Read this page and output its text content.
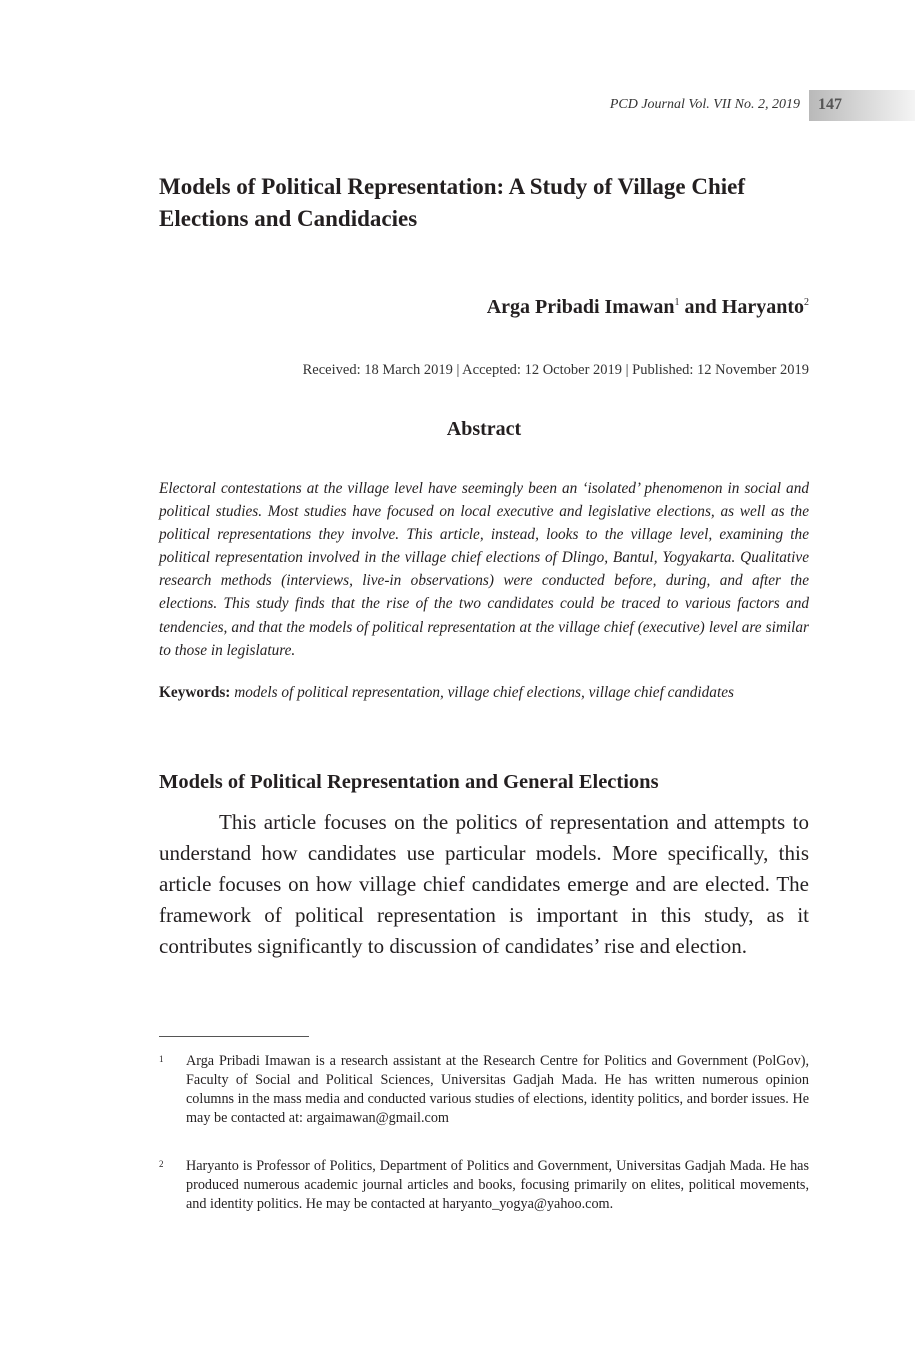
PCD Journal Vol. VII No. 2, 2019 147
Models of Political Representation: A Study of Village Chief Elections and Candidacies
Arga Pribadi Imawan$^1$ and Haryanto$^2$
Received: 18 March 2019 | Accepted: 12 October 2019 | Published: 12 November 2019
Abstract

Electoral contestations at the village level have seemingly been an ‘isolated’ phenomenon in social and political studies. Most studies have focused on local executive and legislative elections, as well as the political representations they involve. This article, instead, looks to the village level, examining the political representation involved in the village chief elections of Dlingo, Bantul, Yogyakarta. Qualitative research methods (interviews, live-in observations) were conducted before, during, and after the elections. This study finds that the rise of the two candidates could be traced to various factors and tendencies, and that the models of political representation at the village chief (executive) level are similar to those in legislature.

Keywords: models of political representation, village chief elections, village chief candidates

Models of Political Representation and General Elections

This article focuses on the politics of representation and attempts to understand how candidates use particular models. More specifically, this article focuses on how village chief candidates emerge and are elected. The framework of political representation is important in this study, as it contributes significantly to discussion of candidates’ rise and election.

1 Arga Pribadi Imawan is a research assistant at the Research Centre for Politics and Government (PolGov), Faculty of Social and Political Sciences, Universitas Gadjah Mada. He has written numerous opinion columns in the mass media and conducted various studies of elections, identity politics, and border issues. He may be contacted at: argaimawan@gmail.com
2 Haryanto is Professor of Politics, Department of Politics and Government, Universitas Gadjah Mada. He has produced numerous academic journal articles and books, focusing primarily on elites, political movements, and identity politics. He may be contacted at haryanto_yogya@yahoo.com.
